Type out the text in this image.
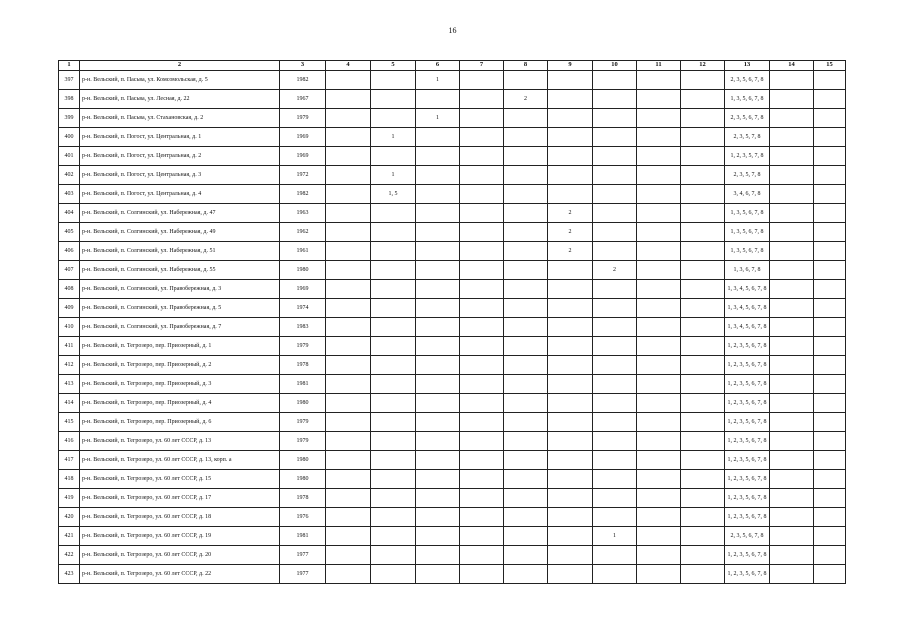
16
1	2	3	4	5	6	7	8	9	10	11	12	13	14	15
397	р-н. Вельский, п. Пасьва, ул. Комсомольская, д. 5	1982			1							2, 3, 5, 6, 7, 8		
398	р-н. Вельский, п. Пасьва, ул. Лесная, д. 22	1967					2					1, 3, 5, 6, 7, 8		
399	р-н. Вельский, п. Пасьва, ул. Стахановская, д. 2	1979			1							2, 3, 5, 6, 7, 8		
400	р-н. Вельский, п. Погост, ул. Центральная, д. 1	1969		1								2, 3, 5, 7, 8		
401	р-н. Вельский, п. Погост, ул. Центральная, д. 2	1969										1, 2, 3, 5, 7, 8		
402	р-н. Вельский, п. Погост, ул. Центральная, д. 3	1972		1								2, 3, 5, 7, 8		
403	р-н. Вельский, п. Погост, ул. Центральная, д. 4	1982		1, 5								3, 4, 6, 7, 8		
404	р-н. Вельский, п. Солгинский, ул. Набережная, д. 47	1963						2				1, 3, 5, 6, 7, 8		
405	р-н. Вельский, п. Солгинский, ул. Набережная, д. 49	1962						2				1, 3, 5, 6, 7, 8		
406	р-н. Вельский, п. Солгинский, ул. Набережная, д. 51	1961						2				1, 3, 5, 6, 7, 8		
407	р-н. Вельский, п. Солгинский, ул. Набережная, д. 55	1980							2			1, 3, 6, 7, 8		
408	р-н. Вельский, п. Солгинский, ул. Правобережная, д. 3	1969										1, 3, 4, 5, 6, 7, 8		
409	р-н. Вельский, п. Солгинский, ул. Правобережная, д. 5	1974										1, 3, 4, 5, 6, 7, 8		
410	р-н. Вельский, п. Солгинский, ул. Правобережная, д. 7	1983										1, 3, 4, 5, 6, 7, 8		
411	р-н. Вельский, п. Тегрозеро, пер. Приозерный, д. 1	1979										1, 2, 3, 5, 6, 7, 8		
412	р-н. Вельский, п. Тегрозеро, пер. Приозерный, д. 2	1978										1, 2, 3, 5, 6, 7, 8		
413	р-н. Вельский, п. Тегрозеро, пер. Приозерный, д. 3	1981										1, 2, 3, 5, 6, 7, 8		
414	р-н. Вельский, п. Тегрозеро, пер. Приозерный, д. 4	1980										1, 2, 3, 5, 6, 7, 8		
415	р-н. Вельский, п. Тегрозеро, пер. Приозерный, д. 6	1979										1, 2, 3, 5, 6, 7, 8		
416	р-н. Вельский, п. Тегрозеро, ул. 60 лет СССР, д. 13	1979										1, 2, 3, 5, 6, 7, 8		
417	р-н. Вельский, п. Тегрозеро, ул. 60 лет СССР, д. 13, корп. а	1980										1, 2, 3, 5, 6, 7, 8		
418	р-н. Вельский, п. Тегрозеро, ул. 60 лет СССР, д. 15	1980										1, 2, 3, 5, 6, 7, 8		
419	р-н. Вельский, п. Тегрозеро, ул. 60 лет СССР, д. 17	1978										1, 2, 3, 5, 6, 7, 8		
420	р-н. Вельский, п. Тегрозеро, ул. 60 лет СССР, д. 18	1976										1, 2, 3, 5, 6, 7, 8		
421	р-н. Вельский, п. Тегрозеро, ул. 60 лет СССР, д. 19	1981							1			2, 3, 5, 6, 7, 8		
422	р-н. Вельский, п. Тегрозеро, ул. 60 лет СССР, д. 20	1977										1, 2, 3, 5, 6, 7, 8		
423	р-н. Вельский, п. Тегрозеро, ул. 60 лет СССР, д. 22	1977										1, 2, 3, 5, 6, 7, 8		
